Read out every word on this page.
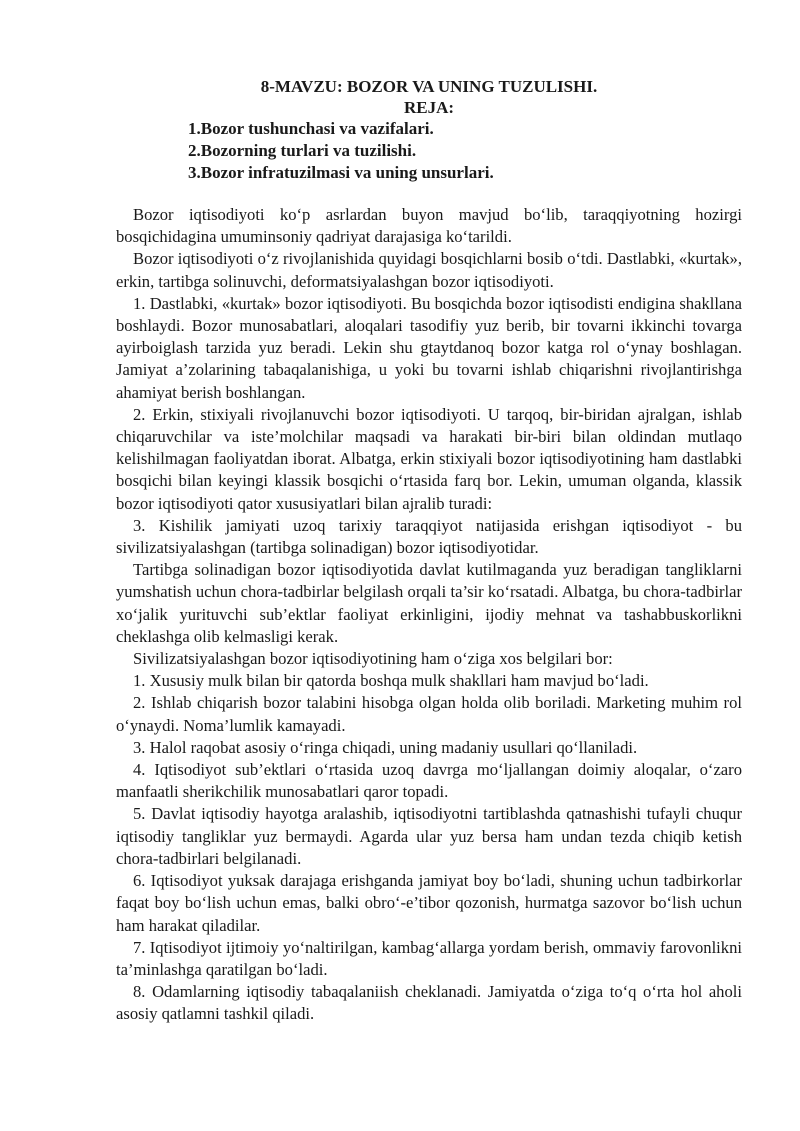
8-MAVZU: BOZOR VA UNING TUZULISHI.
REJA:
1.Bozor tushunchasi va vazifalari.
2.Bozorning turlari va tuzilishi.
3.Bozor infratuzilmasi va uning unsurlari.

Bozor iqtisodiyoti ko‘p asrlardan buyon mavjud bo‘lib, taraqqiyotning hozirgi bosqichidagina umuminsoniy qadriyat darajasiga ko‘tarildi.

Bozor iqtisodiyoti o‘z rivojlanishida quyidagi bosqichlarni bosib o‘tdi. Dastlabki, «kurtak», erkin, tartibga solinuvchi, deformatsiyalashgan bozor iqtisodiyoti.

1. Dastlabki, «kurtak» bozor iqtisodiyoti. Bu bosqichda bozor iqtisodisti endigina shakllana boshlaydi. Bozor munosabatlari, aloqalari tasodifiy yuz berib, bir tovarni ikkinchi tovarga ayirboiglash tarzida yuz beradi. Lekin shu gtaytdanoq bozor katga rol o‘ynay boshlagan. Jamiyat a’zolarining tabaqalanishiga, u yoki bu tovarni ishlab chiqarishni rivojlantirishga ahamiyat berish boshlangan.

2. Erkin, stixiyali rivojlanuvchi bozor iqtisodiyoti. U tarqoq, bir-biridan ajralgan, ishlab chiqaruvchilar va iste’molchilar maqsadi va harakati bir-biri bilan oldindan mutlaqo kelishilmagan faoliyatdan iborat. Albatga, erkin stixiyali bozor iqtisodiyotining ham dastlabki bosqichi bilan keyingi klassik bosqichi o‘rtasida farq bor. Lekin, umuman olganda, klassik bozor iqtisodiyoti qator xususiyatlari bilan ajralib turadi:

3. Kishilik jamiyati uzoq tarixiy taraqqiyot natijasida erishgan iqtisodiyot - bu sivilizatsiyalashgan (tartibga solinadigan) bozor iqtisodiyotidar.

Tartibga solinadigan bozor iqtisodiyotida davlat kutilmaganda yuz beradigan tangliklarni yumshatish uchun chora-tadbirlar belgilash orqali ta’sir ko‘rsatadi. Albatga, bu chora-tadbirlar xo‘jalik yurituvchi sub’ektlar faoliyat erkinligini, ijodiy mehnat va tashabbuskorlikni cheklashga olib kelmasligi kerak.

Sivilizatsiyalashgan bozor iqtisodiyotining ham o‘ziga xos belgilari bor:

1. Xususiy mulk bilan bir qatorda boshqa mulk shakllari ham mavjud bo‘ladi.

2. Ishlab chiqarish bozor talabini hisobga olgan holda olib boriladi. Marketing muhim rol o‘ynaydi. Noma’lumlik kamayadi.

3. Halol raqobat asosiy o‘ringa chiqadi, uning madaniy usullari qo‘llaniladi.

4. Iqtisodiyot sub’ektlari o‘rtasida uzoq davrga mo‘ljallangan doimiy aloqalar, o‘zaro manfaatli sherikchilik munosabatlari qaror topadi.

5. Davlat iqtisodiy hayotga aralashib, iqtisodiyotni tartiblashda qatnashishi tufayli chuqur iqtisodiy tangliklar yuz bermaydi. Agarda ular yuz bersa ham undan tezda chiqib ketish chora-tadbirlari belgilanadi.

6. Iqtisodiyot yuksak darajaga erishganda jamiyat boy bo‘ladi, shuning uchun tadbirkorlar faqat boy bo‘lish uchun emas, balki obro‘-e’tibor qozonish, hurmatga sazovor bo‘lish uchun ham harakat qiladilar.

7. Iqtisodiyot ijtimoiy yo‘naltirilgan, kambag‘allarga yordam berish, ommaviy farovonlikni ta’minlashga qaratilgan bo‘ladi.

8. Odamlarning iqtisodiy tabaqalaniish cheklanadi. Jamiyatda o‘ziga to‘q o‘rta hol aholi asosiy qatlamni tashkil qiladi.
